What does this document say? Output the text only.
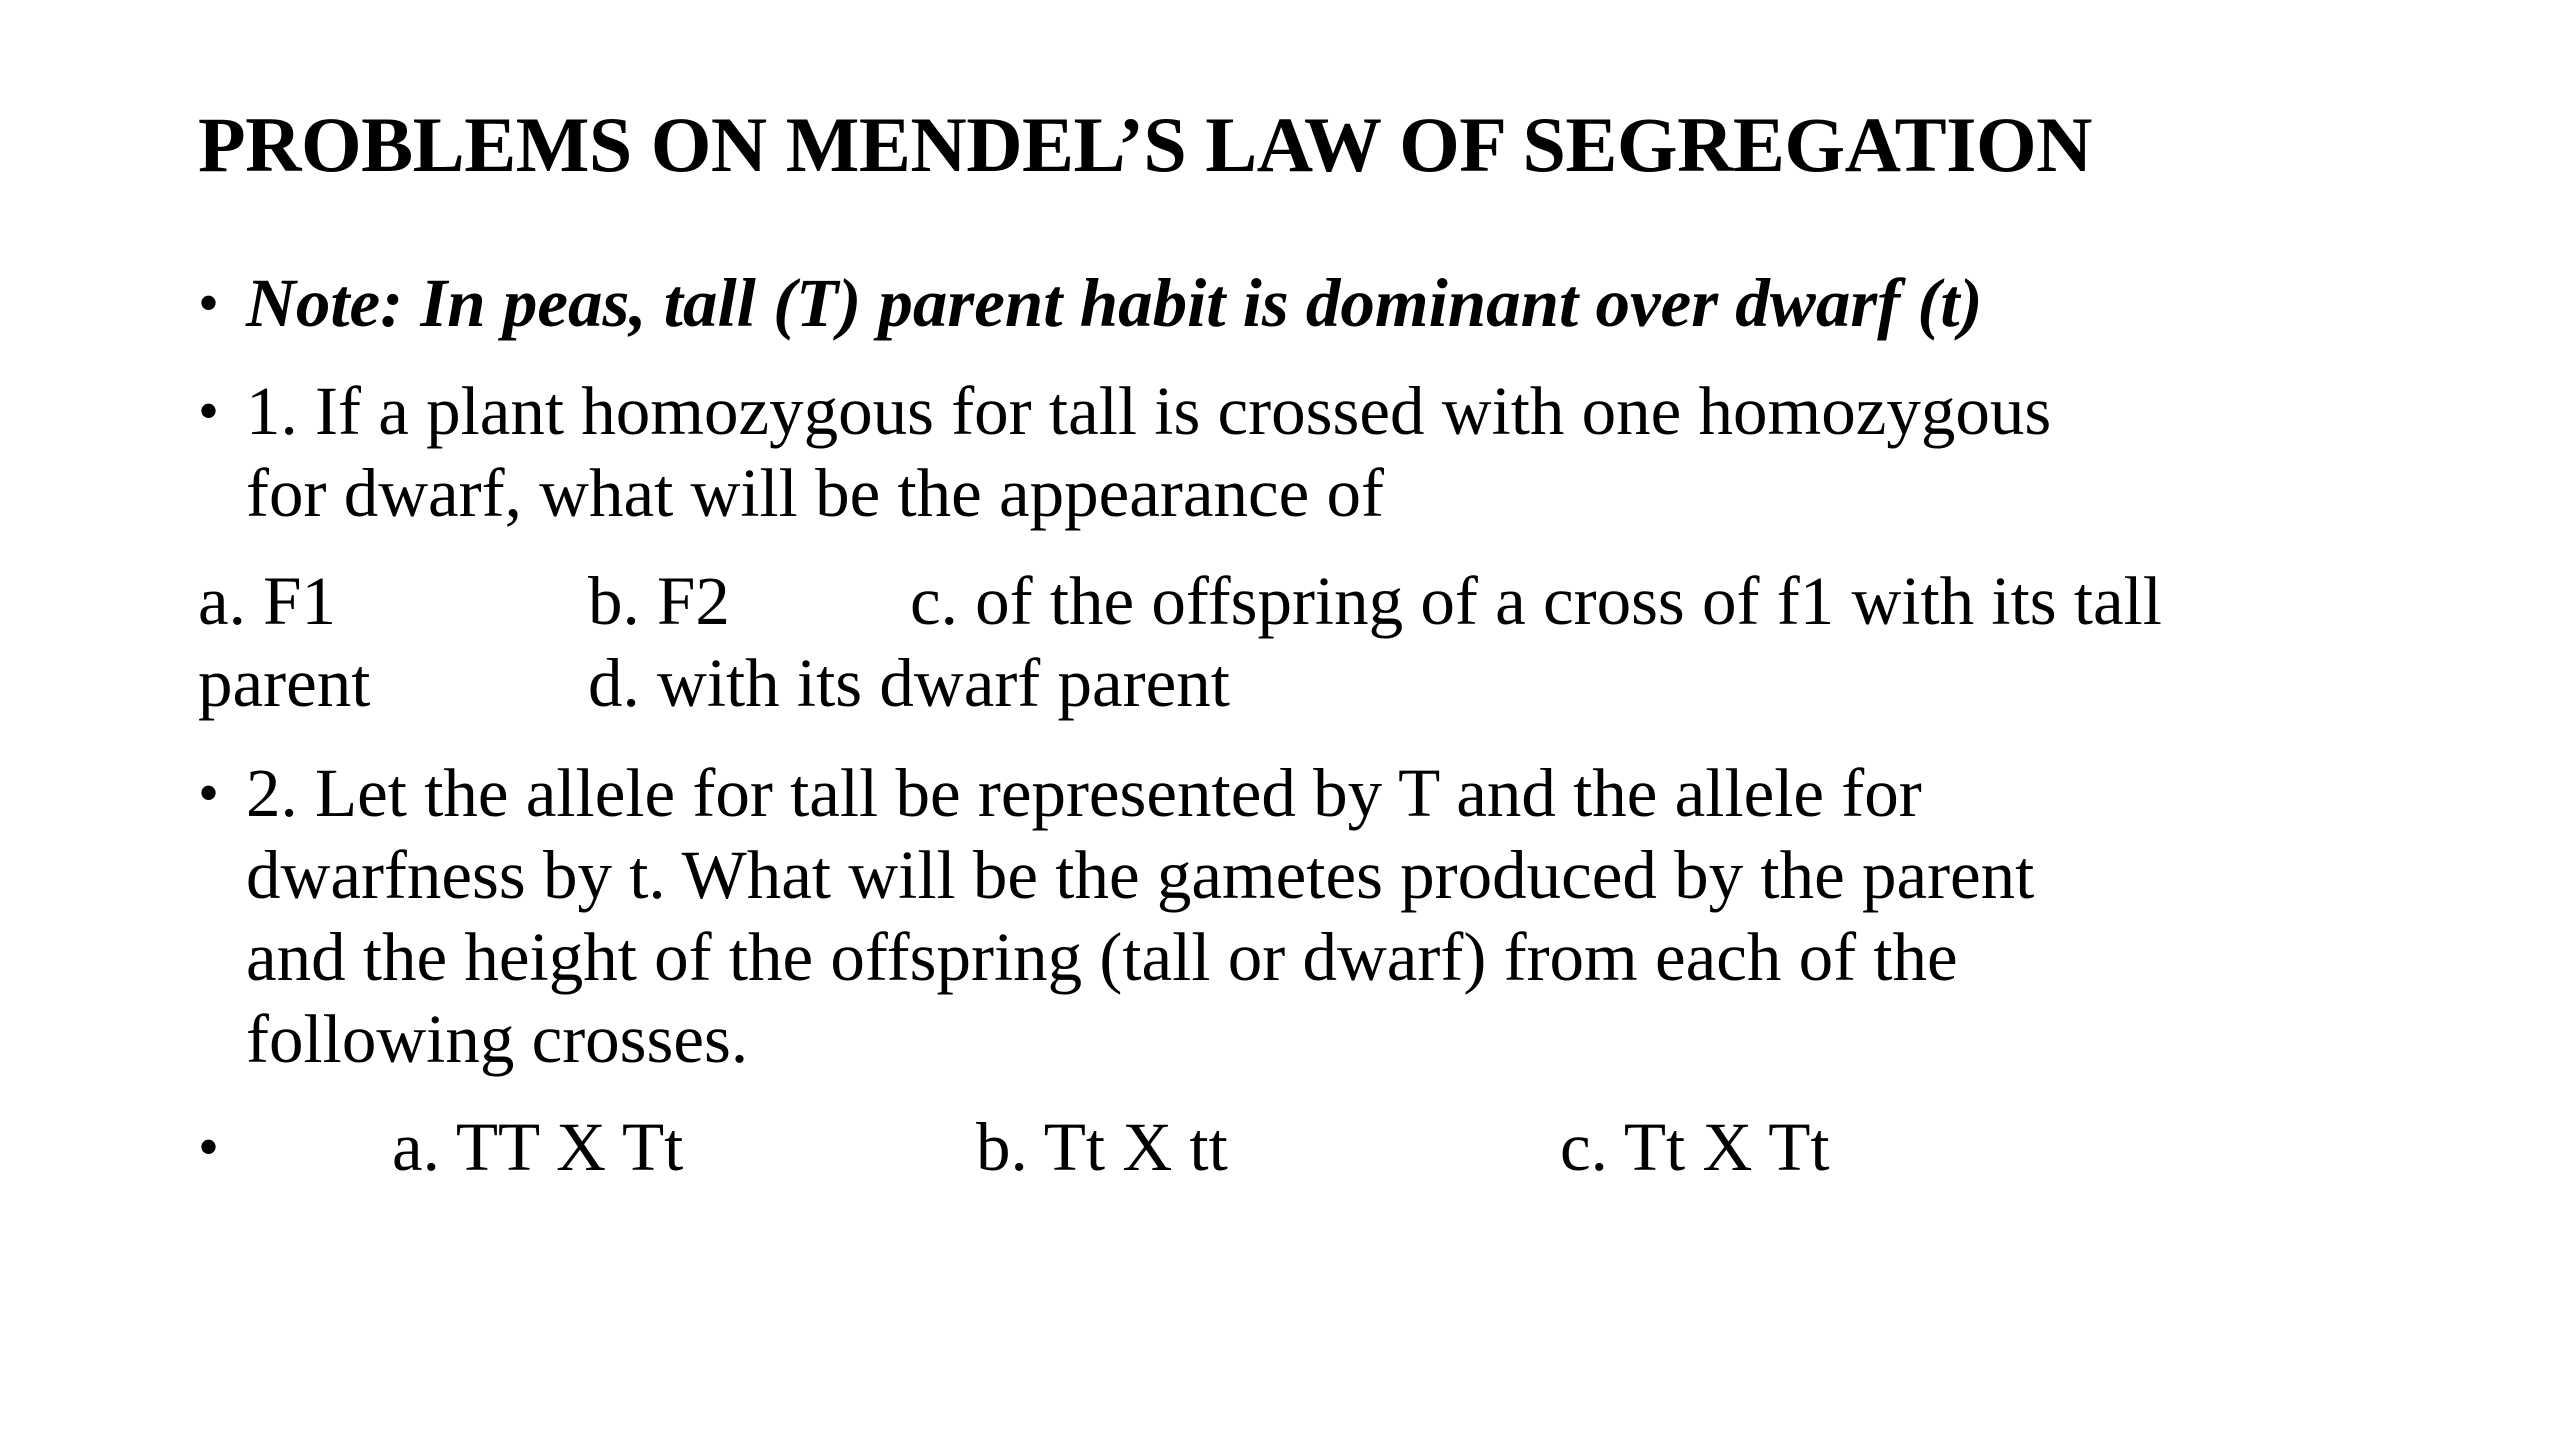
PROBLEMS ON MENDEL’S LAW OF SEGREGATION
• Note: In peas, tall (T) parent habit is dominant over dwarf (t)
• 1. If a plant homozygous for tall is crossed with one homozygous
for dwarf, what will be the appearance of
a. F1	b. F2	c. of the offspring of a cross of f1 with its tall
parent	d. with its dwarf parent
• 2. Let the allele for tall be represented by T and the allele for
dwarfness by t. What will be the gametes produced by the parent
and the height of the offspring (tall or dwarf) from each of the
following crosses.
•	a. TT X Tt	b. Tt X tt	c. Tt X Tt
